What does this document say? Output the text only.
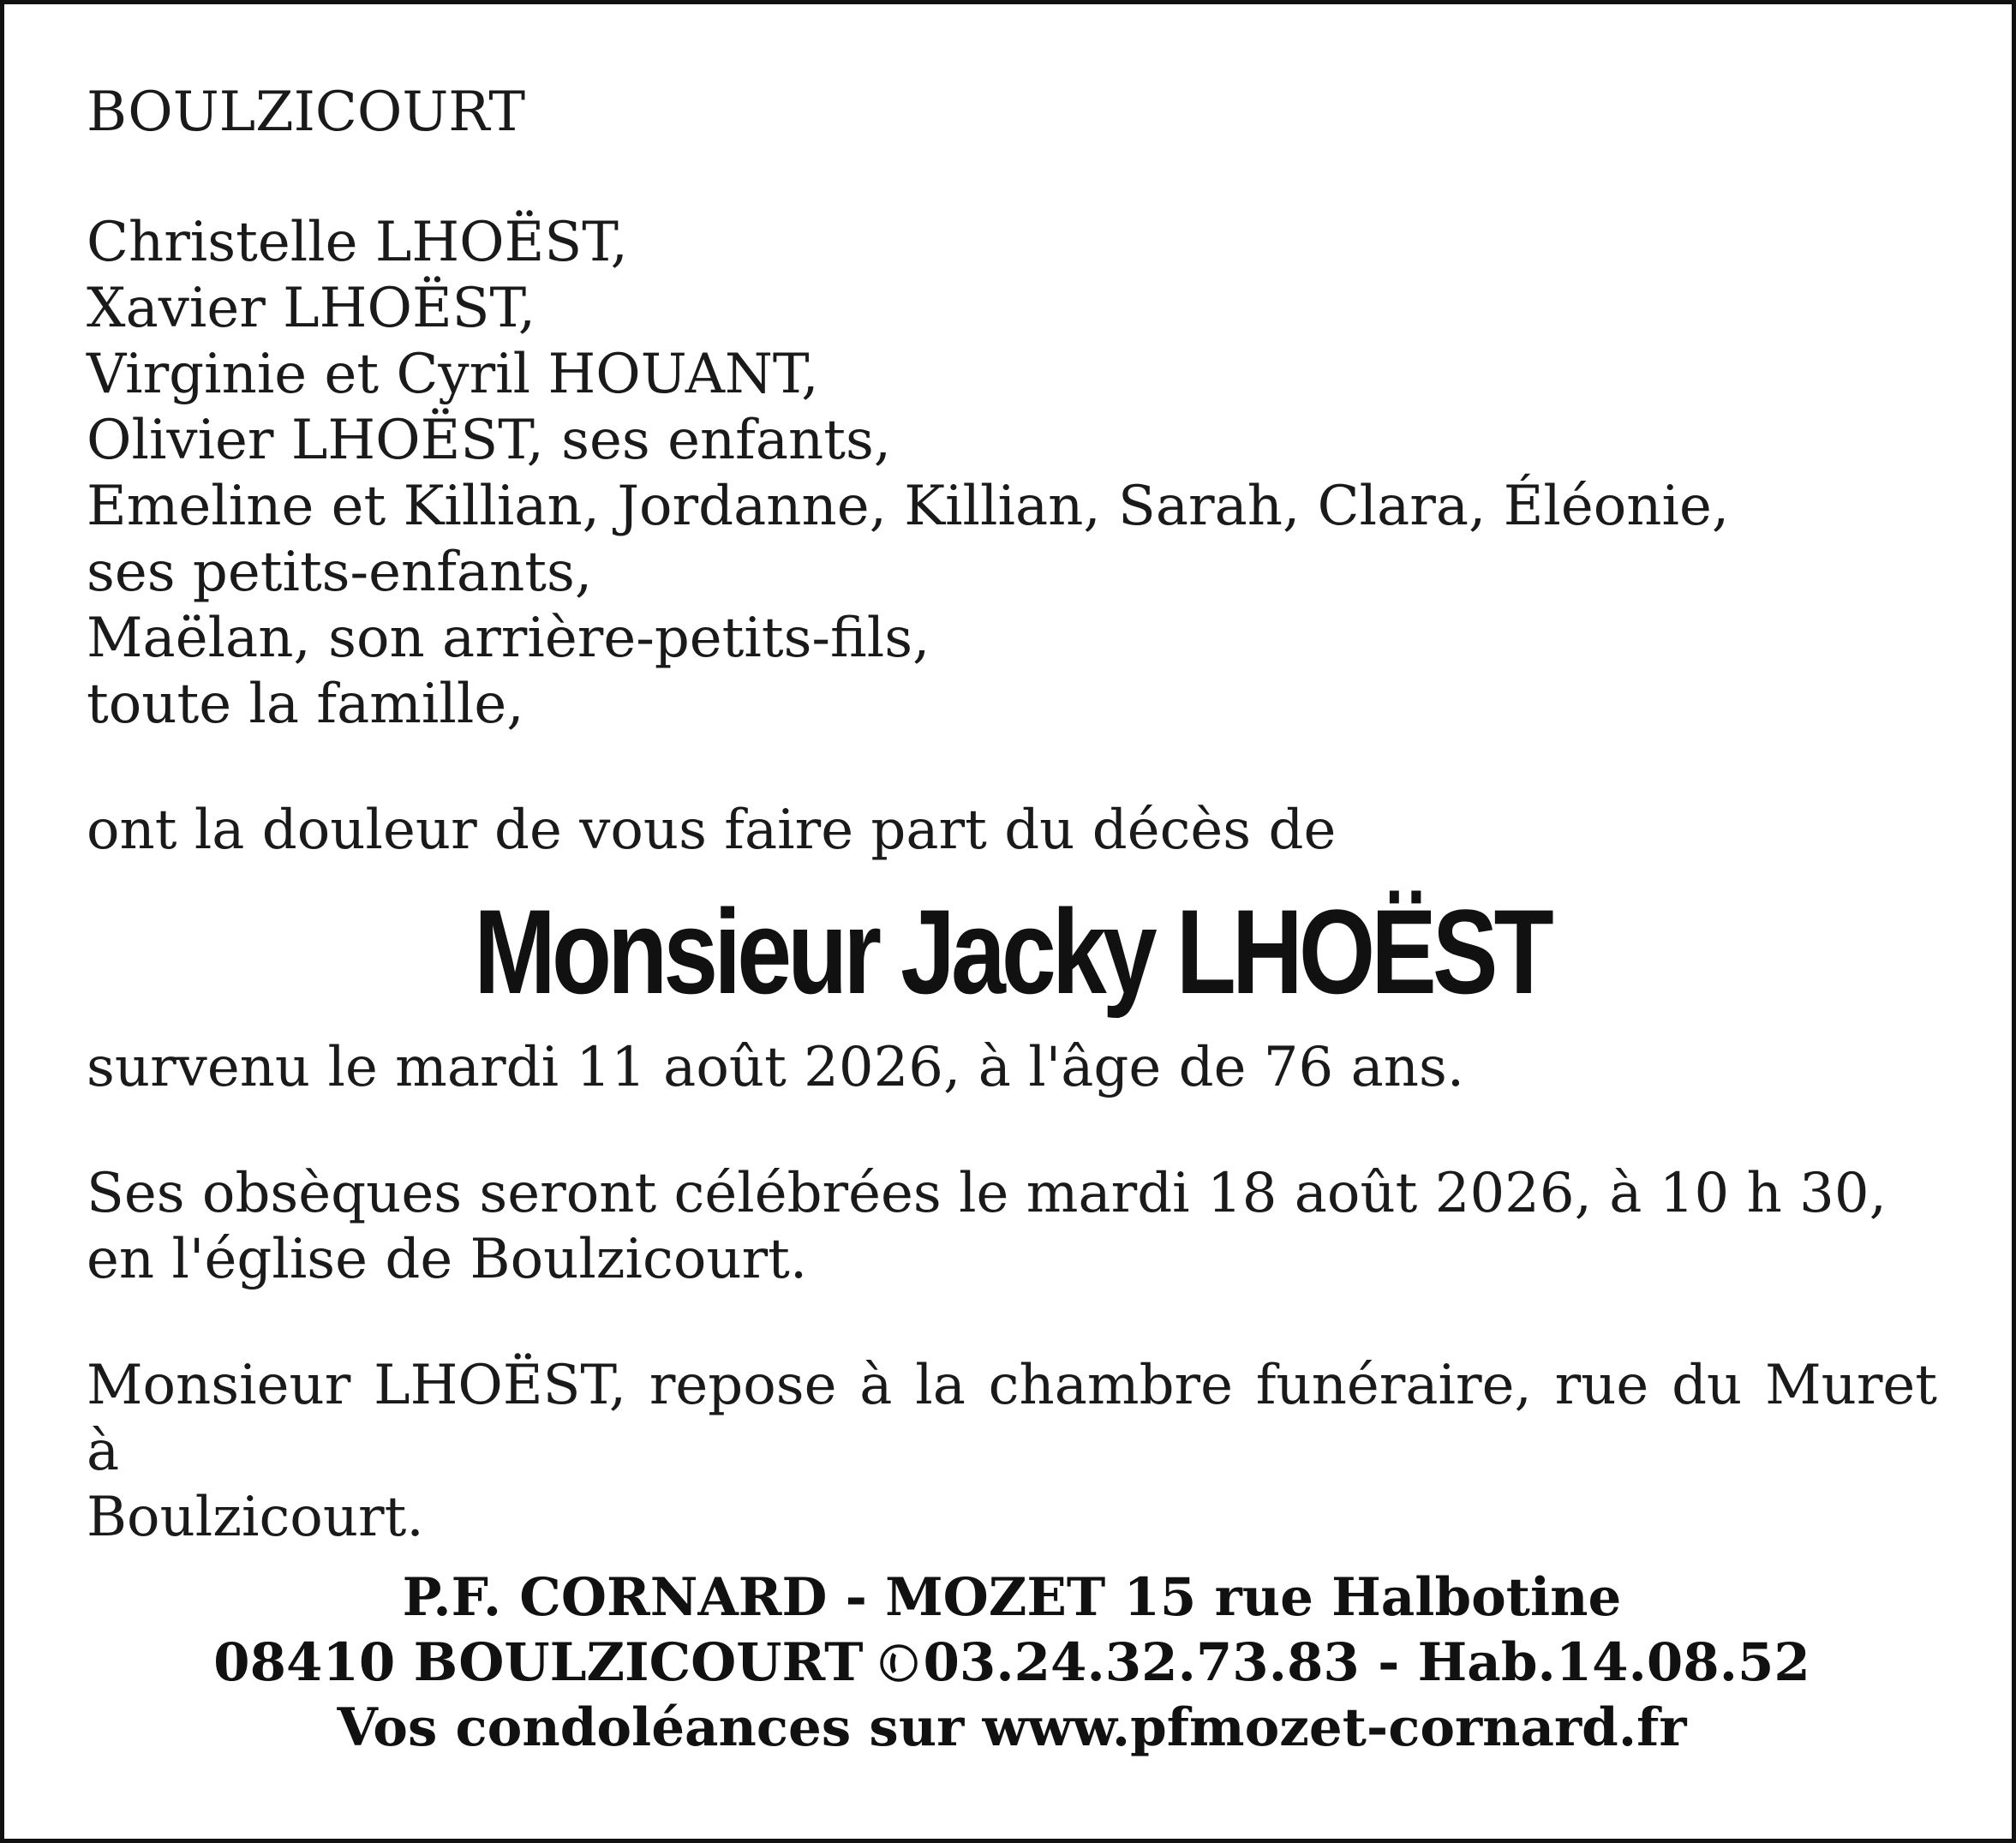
BOULZICOURT
Christelle LHOËST,
Xavier LHOËST,
Virginie et Cyril HOUANT,
Olivier LHOËST, ses enfants,
Emeline et Killian, Jordanne, Killian, Sarah, Clara, Éléonie,
ses petits-enfants,
Maëlan, son arrière-petits-fils,
toute la famille,
ont la douleur de vous faire part du décès de
Monsieur Jacky LHOËST
survenu le mardi 11 août 2026, à l'âge de 76 ans.
Ses obsèques seront célébrées le mardi 18 août 2026, à 10 h 30,
en l'église de Boulzicourt.
Monsieur LHOËST, repose à la chambre funéraire, rue du Muret à
Boulzicourt.
P.F. CORNARD - MOZET 15 rue Halbotine
08410 BOULZICOURT 03.24.32.73.83 - Hab.14.08.52
Vos condoléances sur www.pfmozet-cornard.fr
